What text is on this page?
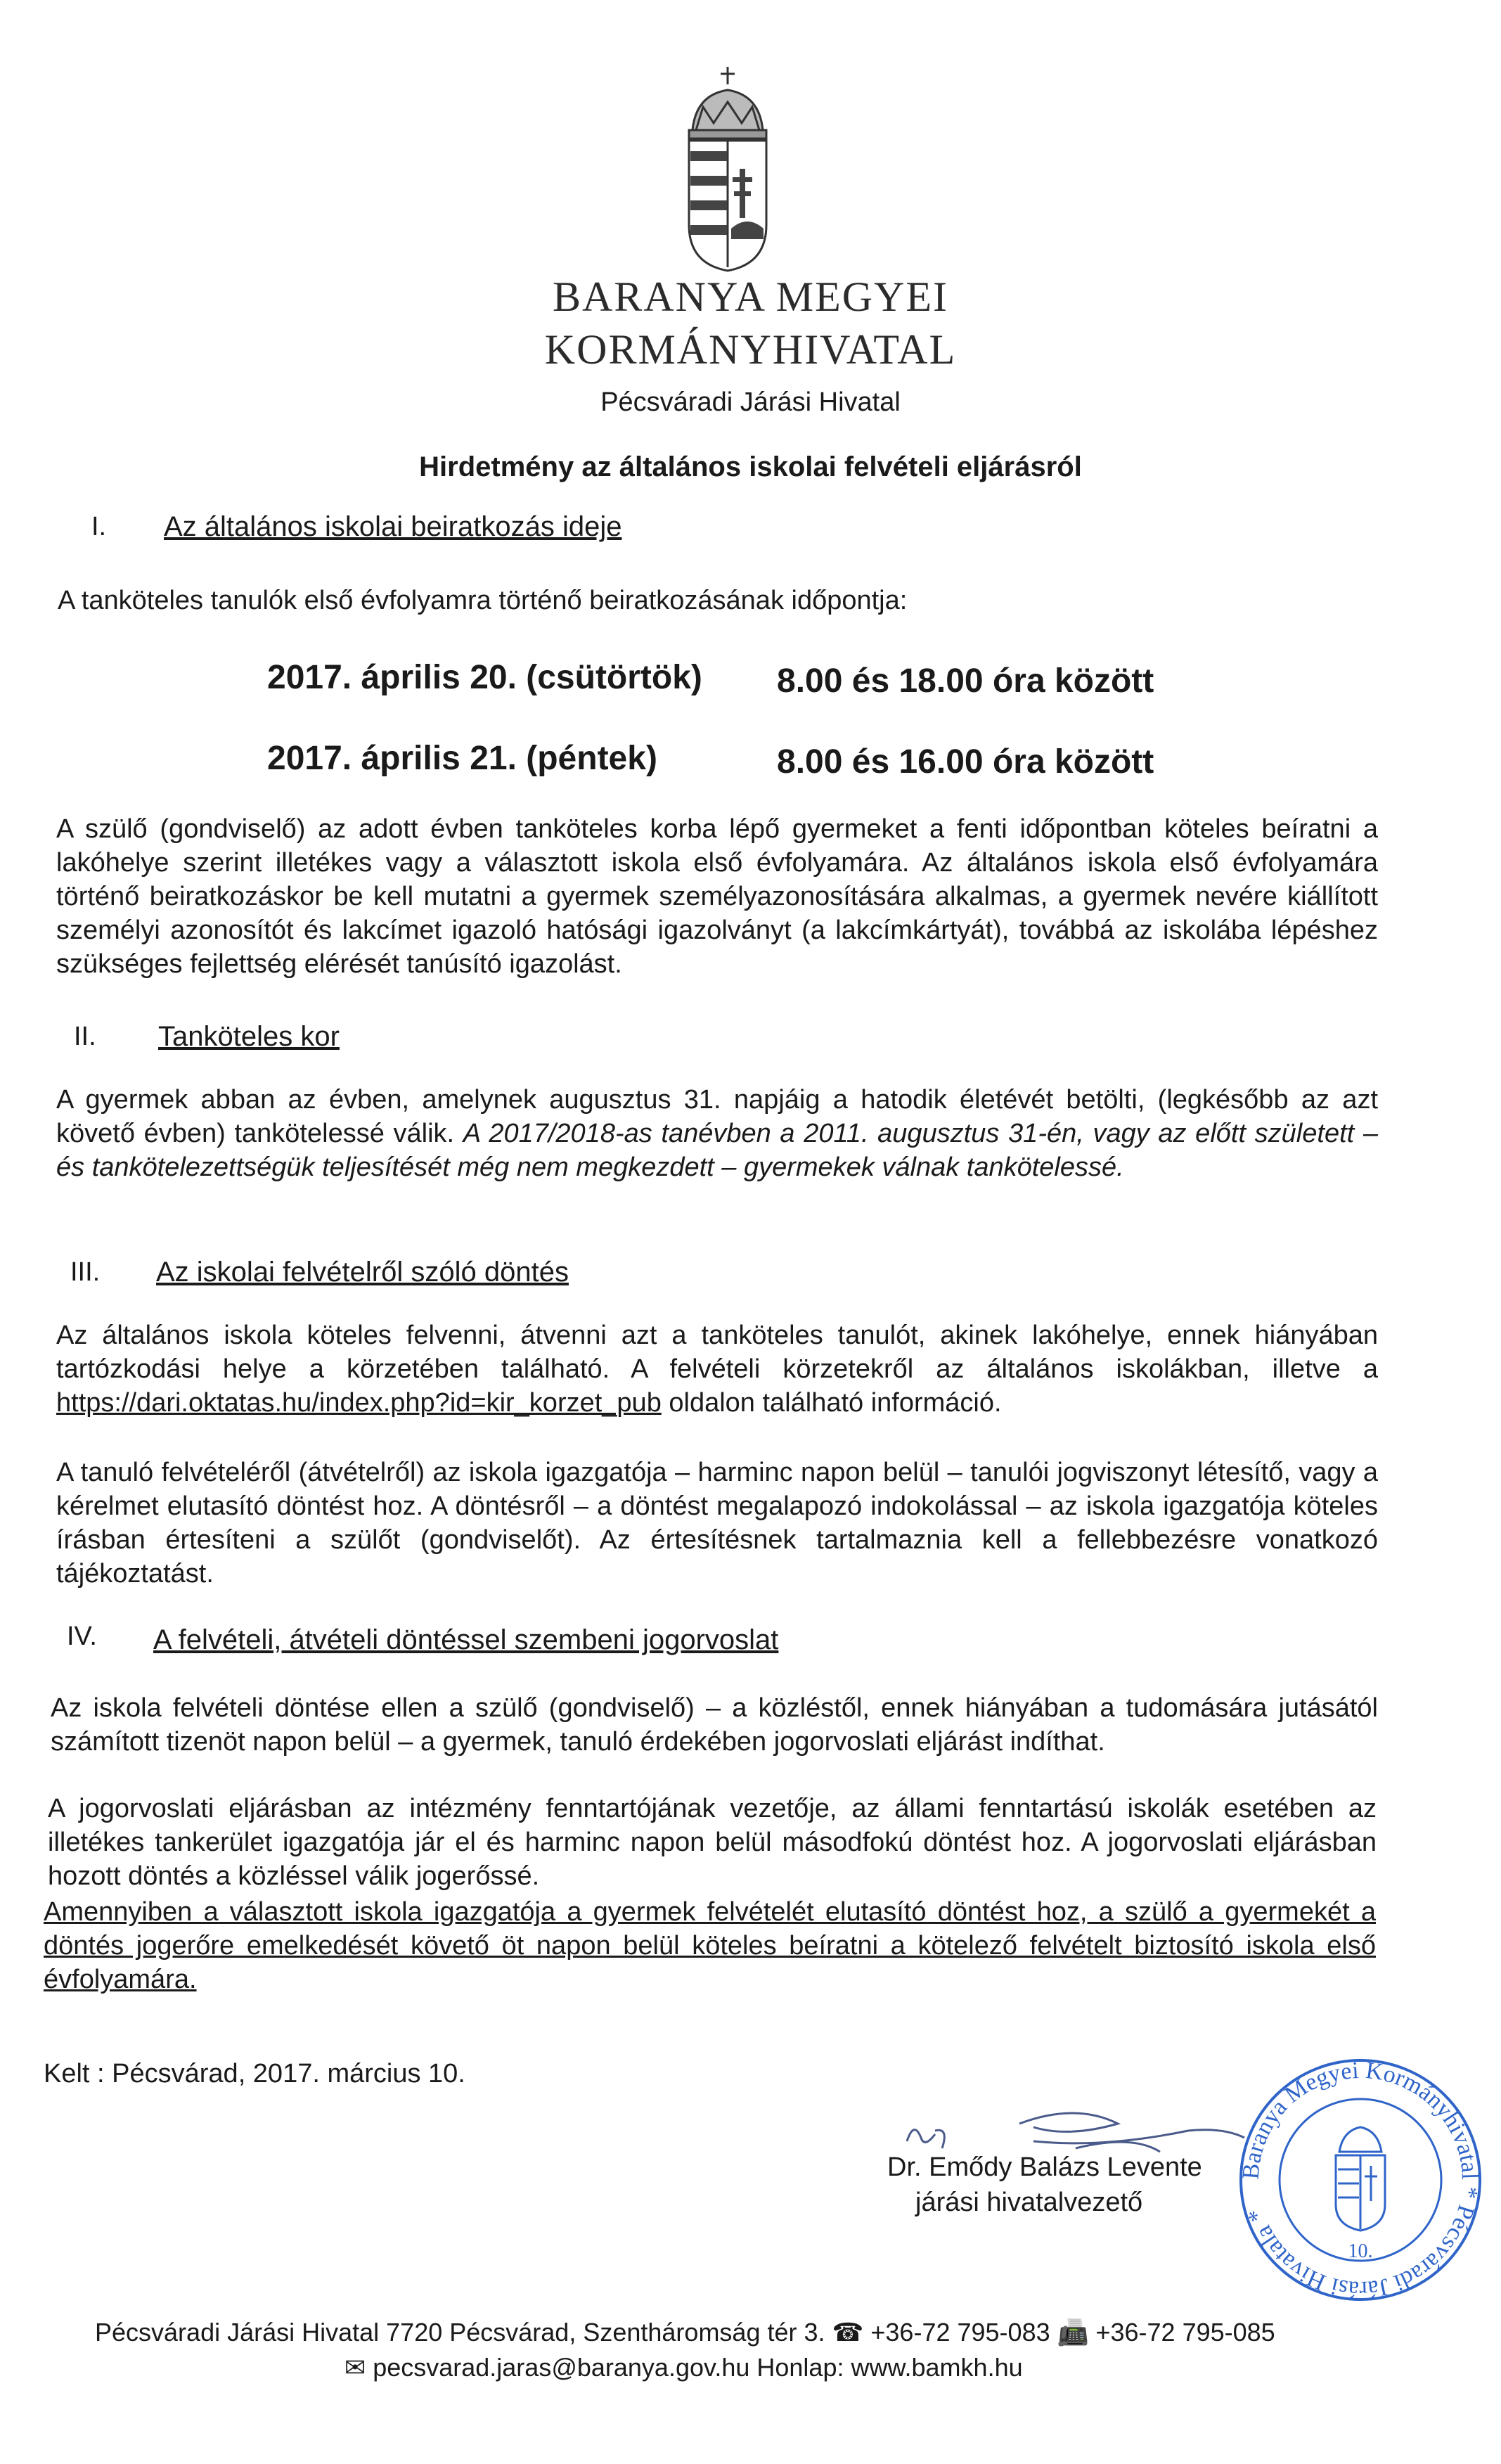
BARANYA MEGYEI
KORMÁNYHIVATAL
Pécsváradi Járási Hivatal
Hirdetmény az általános iskolai felvételi eljárásról
I. Az általános iskolai beiratkozás ideje
A tanköteles tanulók első évfolyamra történő beiratkozásának időpontja:
2017. április 20. (csütörtök) 8.00 és 18.00 óra között
2017. április 21. (péntek)	8.00 és 16.00 óra között
A szülő (gondviselő) az adott évben tanköteles korba lépő gyermeket a fenti időpontban köteles beíratni a lakóhelye szerint illetékes vagy a választott iskola első évfolyamára. Az általános iskola első évfolyamára történő beiratkozáskor be kell mutatni a gyermek személyazonosítására alkalmas, a gyermek nevére kiállított személyi azonosítót és lakcímet igazoló hatósági igazolványt (a lakcímkártyát), továbbá az iskolába lépéshez szükséges fejlettség elérését tanúsító igazolást.
II. Tanköteles kor
A gyermek abban az évben, amelynek augusztus 31. napjáig a hatodik életévét betölti, (legkésőbb az azt követő évben) tankötelessé válik. A 2017/2018-as tanévben a 2011. augusztus 31-én, vagy az előtt született – és tankötelezettségük teljesítését még nem megkezdett – gyermekek válnak tankötelessé.
III. Az iskolai felvételről szóló döntés
Az általános iskola köteles felvenni, átvenni azt a tanköteles tanulót, akinek lakóhelye, ennek hiányában tartózkodási helye a körzetében található. A felvételi körzetekről az általános iskolákban, illetve a https://dari.oktatas.hu/index.php?id=kir_korzet_pub oldalon található információ.
A tanuló felvételéről (átvételről) az iskola igazgatója – harminc napon belül – tanulói jogviszonyt létesítő, vagy a kérelmet elutasító döntést hoz. A döntésről – a döntést megalapozó indokolással – az iskola igazgatója köteles írásban értesíteni a szülőt (gondviselőt). Az értesítésnek tartalmaznia kell a fellebbezésre vonatkozó tájékoztatást.
IV. A felvételi, átvételi döntéssel szembeni jogorvoslat
Az iskola felvételi döntése ellen a szülő (gondviselő) – a közléstől, ennek hiányában a tudomására jutásától számított tizenöt napon belül – a gyermek, tanuló érdekében jogorvoslati eljárást indíthat.
A jogorvoslati eljárásban az intézmény fenntartójának vezetője, az állami fenntartású iskolák esetében az illetékes tankerület igazgatója jár el és harminc napon belül másodfokú döntést hoz. A jogorvoslati eljárásban hozott döntés a közléssel válik jogerőssé.
Amennyiben a választott iskola igazgatója a gyermek felvételét elutasító döntést hoz, a szülő a gyermekét a döntés jogerőre emelkedését követő öt napon belül köteles beíratni a kötelező felvételt biztosító iskola első évfolyamára.
Kelt : Pécsvárad, 2017. március 10.
Dr. Emődy Balázs Levente
járási hivatalvezető
Baranya Megyei Kormányhivatal * Pécsváradi Járási Hivatala *
10.
Pécsváradi Járási Hivatal 7720 Pécsvárad, Szentháromság tér 3. ☎ +36-72 795-083 📠 +36-72 795-085
✉ pecsvarad.jaras@baranya.gov.hu Honlap: www.bamkh.hu
